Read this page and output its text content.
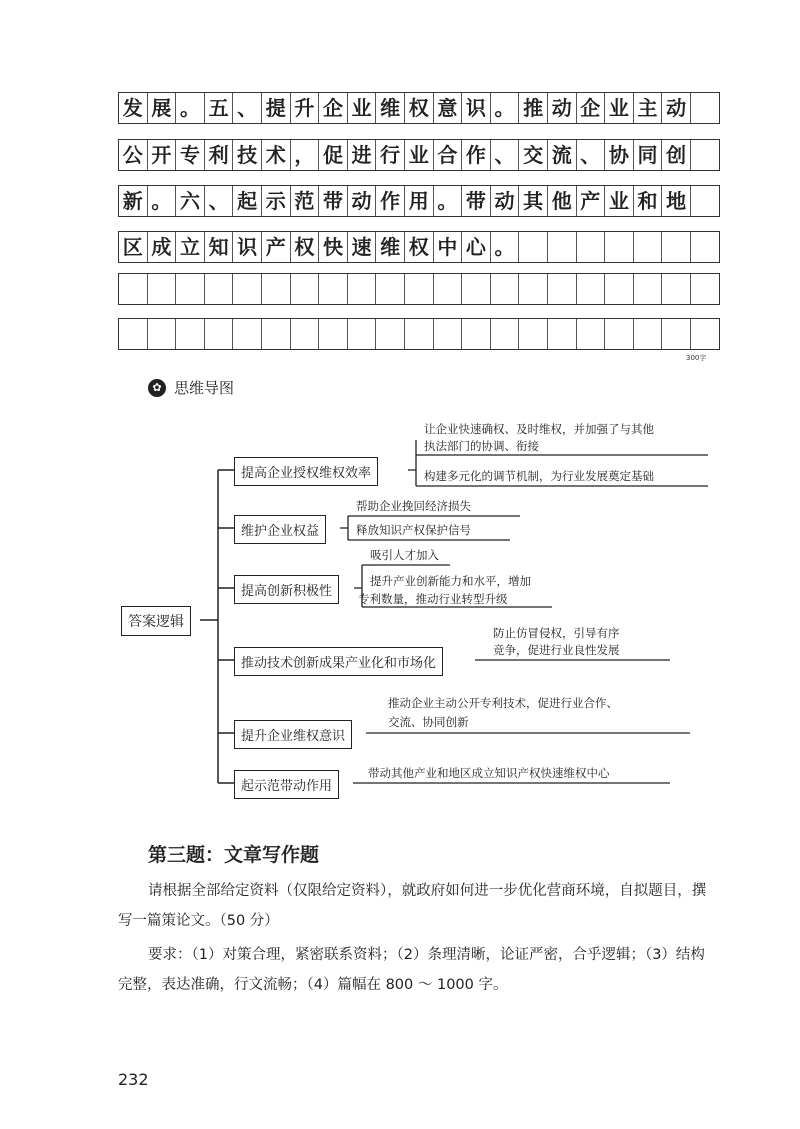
发 展 。 五 、 提 升 企 业 维 权 意 识 。 推 动 企 业 主 动
公 开 专 利 技 术 ， 促 进 行 业 合 作 、 交 流 、 协 同 创
新 。 六 、 起 示 范 带 动 作 用 。 带 动 其 他 产 业 和 地
区 成 立 知 识 产 权 快 速 维 权 中 心 。
300字
✿ 思维导图
答案逻辑
提高企业授权维权效率
维护企业权益
提高创新积极性
推动技术创新成果产业化和市场化
提升企业维权意识
起示范带动作用
让企业快速确权、及时维权，并加强了与其他
执法部门的协调、衔接
构建多元化的调节机制，为行业发展奠定基础
帮助企业挽回经济损失
释放知识产权保护信号
吸引人才加入
提升产业创新能力和水平，增加
专利数量，推动行业转型升级
防止仿冒侵权，引导有序
竞争，促进行业良性发展
推动企业主动公开专利技术，促进行业合作、
交流、协同创新
带动其他产业和地区成立知识产权快速维权中心
第三题：文章写作题
请根据全部给定资料（仅限给定资料），就政府如何进一步优化营商环境，自拟题目，撰写一篇策论文。（50 分）
要求：（1）对策合理，紧密联系资料；（2）条理清晰，论证严密，合乎逻辑；（3）结构完整，表达准确，行文流畅；（4）篇幅在 800 ～ 1000 字。
232
